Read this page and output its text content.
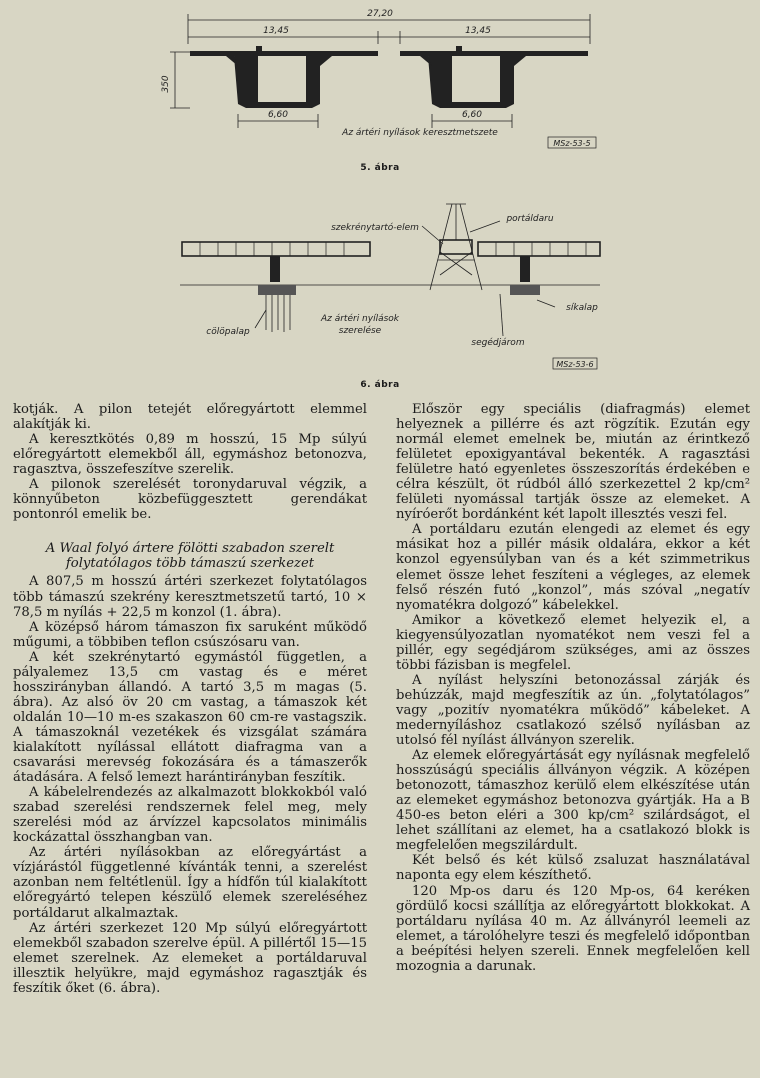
27,20
13,45	13,45
350
6,60	6,60
Az ártéri nyílások keresztmetszete
MSz-53-5
5. ábra
szekrénytartó-elem
portáldaru
cölöpalap
Az ártéri nyílások
szerelése
síkalap
segédjárom
MSz-53-6
6. ábra

kotják. A pilon tetejét előregyártott elemmel alakítják ki.

A keresztkötés 0,89 m hosszú, 15 Mp súlyú előregyártott elemekből áll, egymáshoz betonozva, ragasztva, összefeszítve szerelik.

A pilonok szerelését toronydaruval végzik, a könnyűbeton közbefüggesztett gerendákat pontonról emelik be.

A Waal folyó ártere fölötti szabadon szerelt
folytatólagos több támaszú szerkezet

A 807,5 m hosszú ártéri szerkezet folytatólagos több támaszú szekrény keresztmetszetű tartó, 10 ⨯ 78,5 m nyílás + 22,5 m konzol (1. ábra).

A középső három támaszon fix saruként működő műgumi, a többiben teflon csúszósaru van.

A két szekrénytartó egymástól független, a pályalemez 13,5 cm vastag és e méret hosszirányban állandó. A tartó 3,5 m magas (5. ábra). Az alsó öv 20 cm vastag, a támaszok két oldalán 10—10 m-es szakaszon 60 cm-re vastagszik. A támaszoknál vezetékek és vizsgálat számára kialakított nyílással ellátott diafragma van a csavarási merevség fokozására és a támaszerők átadására. A felső lemezt harántirányban feszítik.

A kábelelrendezés az alkalmazott blokkokból való szabad szerelési rendszernek felel meg, mely szerelési mód az árvízzel kapcsolatos minimális kockázattal összhangban van.

Az ártéri nyílásokban az előregyártást a vízjárástól függetlenné kívánták tenni, a szerelést azonban nem feltétlenül. Így a hídfőn túl kialakított előregyártó telepen készülő elemek szereléséhez portáldarut alkalmaztak.

Az ártéri szerkezet 120 Mp súlyú előregyártott elemekből szabadon szerelve épül. A pillértől 15—15 elemet szerelnek. Az elemeket a portáldaruval illesztik helyükre, majd egymáshoz ragasztják és feszítik őket (6. ábra).

Először egy speciális (diafragmás) elemet helyeznek a pillérre és azt rögzítik. Ezután egy normál elemet emelnek be, miután az érintkező felületet epoxigyantával bekenték. A ragasztási felületre ható egyenletes összeszorítás érdekében e célra készült, öt rúdból álló szerkezettel 2 kp/cm² felületi nyomással tartják össze az elemeket. A nyíróerőt bordánként két lapolt illesztés veszi fel.

A portáldaru ezután elengedi az elemet és egy másikat hoz a pillér másik oldalára, ekkor a két konzol egyensúlyban van és a két szimmetrikus elemet össze lehet feszíteni a végleges, az elemek felső részén futó „konzol”, más szóval „negatív nyomatékra dolgozó” kábelekkel.

Amikor a következő elemet helyezik el, a kiegyensúlyozatlan nyomatékot nem veszi fel a pillér, egy segédjárom szükséges, ami az összes többi fázisban is megfelel.

A nyílást helyszíni betonozással zárják és behúzzák, majd megfeszítik az ún. „folytatólagos” vagy „pozitív nyomatékra működő” kábeleket. A medernyíláshoz csatlakozó szélső nyílásban az utolsó fél nyílást állványon szerelik.

Az elemek előregyártását egy nyílásnak megfelelő hosszúságú speciális állványon végzik. A középen betonozott, támaszhoz kerülő elem elkészítése után az elemeket egymáshoz betonozva gyártják. Ha a B 450-es beton eléri a 300 kp/cm² szilárdságot, el lehet szállítani az elemet, ha a csatlakozó blokk is megfelelően megszilárdult.

Két belső és két külső zsaluzat használatával naponta egy elem készíthető.

120 Mp-os daru és 120 Mp-os, 64 keréken gördülő kocsi szállítja az előregyártott blokkokat. A portáldaru nyílása 40 m. Az állványról leemeli az elemet, a tárolóhelyre teszi és megfelelő időpontban a beépítési helyen szereli. Ennek megfelelően kell mozognia a darunak.
